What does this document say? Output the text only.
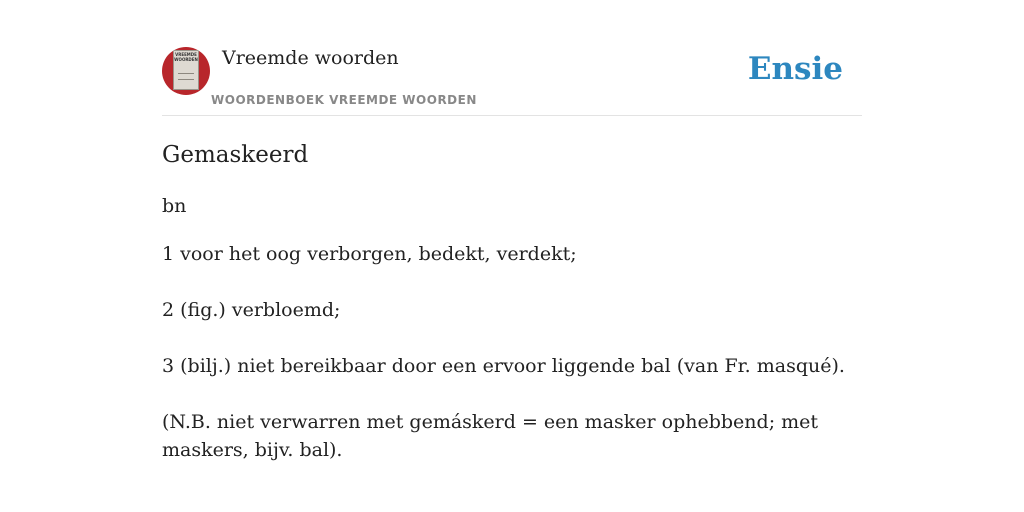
VREEMDE WOORDEN Vreemde woorden
WOORDENBOEK VREEMDE WOORDEN
Ensie
Gemaskeerd
bn

1 voor het oog verborgen, bedekt, verdekt;

2 (fig.) verbloemd;

3 (bilj.) niet bereikbaar door een ervoor liggende bal (van Fr. masqué).

(N.B. niet verwarren met gemáskerd = een masker ophebbend; met maskers, bijv. bal).
